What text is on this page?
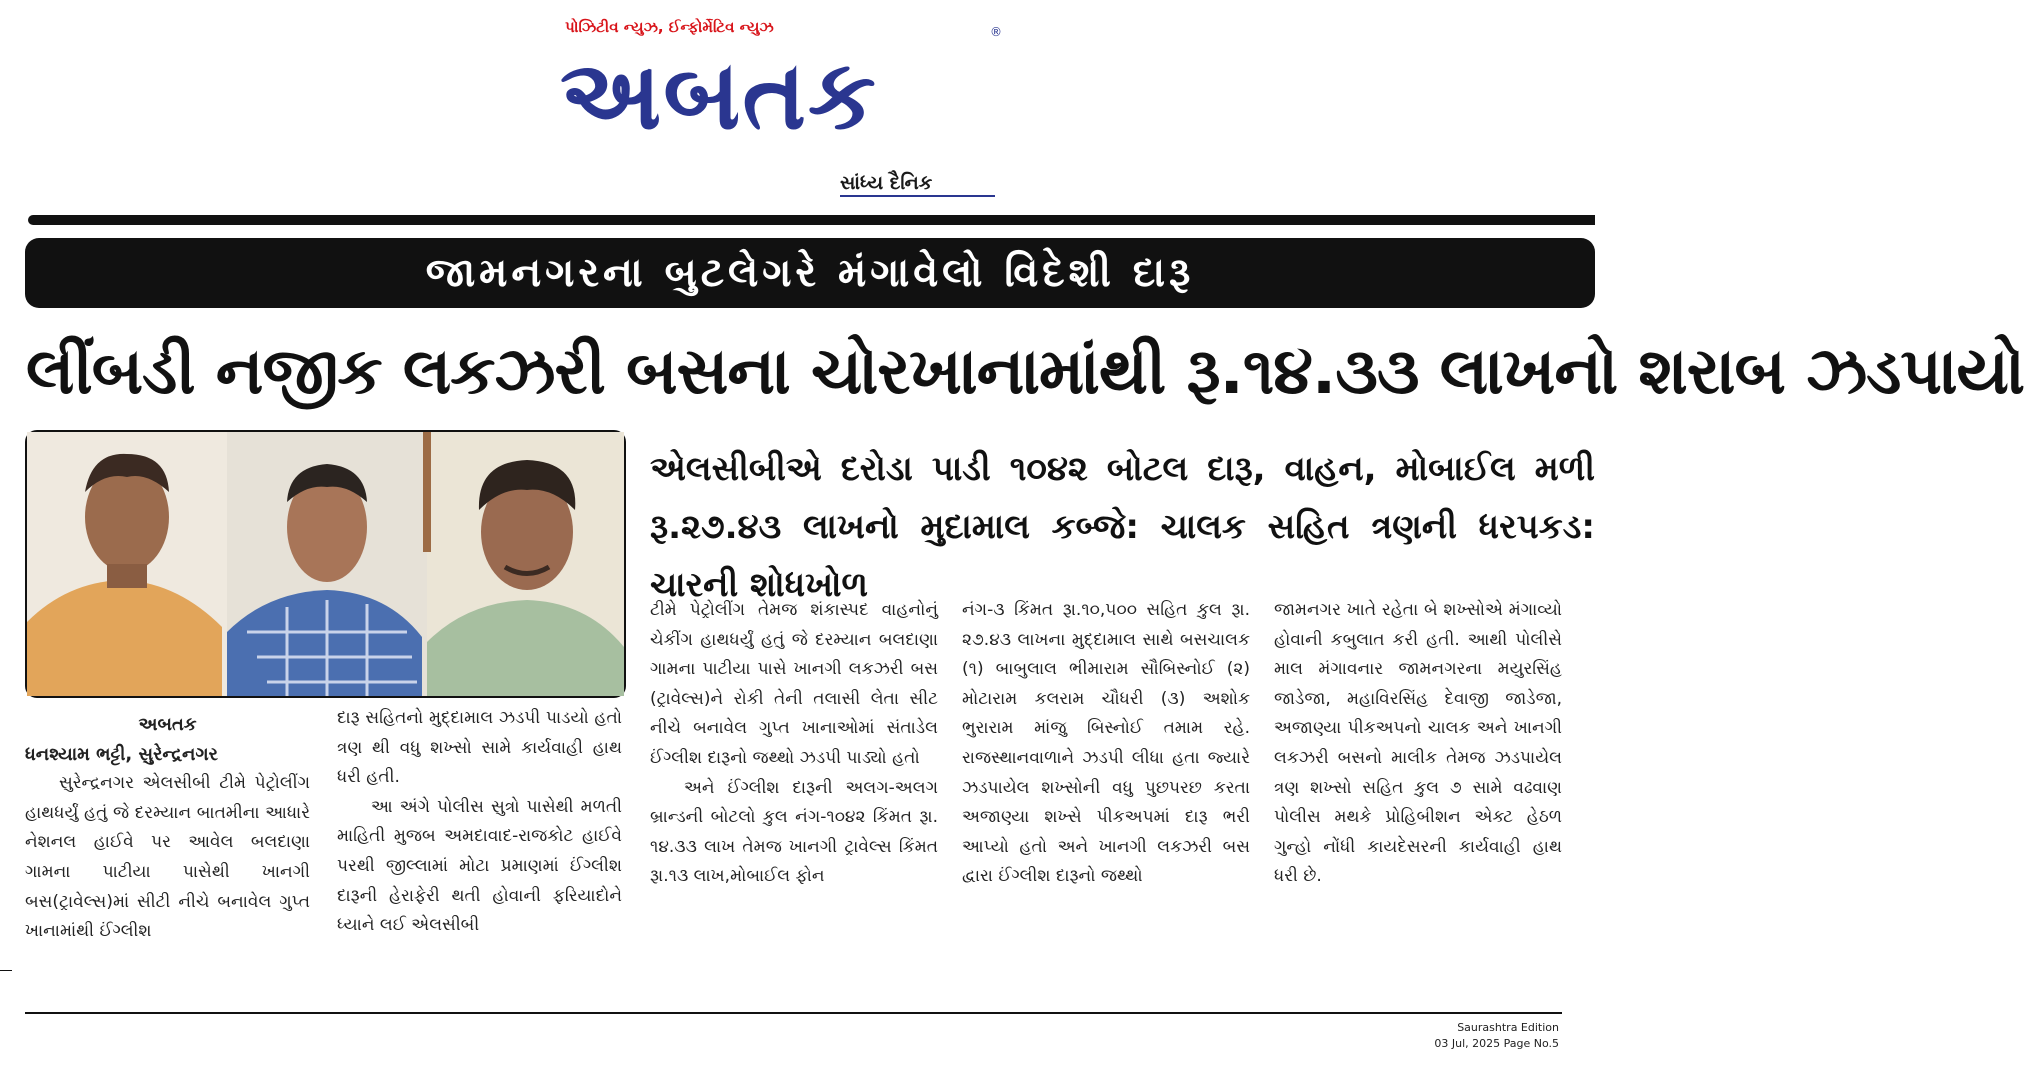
પોઝિટીવ ન્યુઝ, ઈન્ફોર્મેટિવ ન્યુઝ
અબતક
®
સાંધ્ય દૈનિક
જામનગરના બુટલેગરે મંગાવેલો વિદેશી દારૂ
લીંબડી નજીક લકઝરી બસના ચોરખાનામાંથી રૂ.૧૪.૩૩ લાખનો શરાબ ઝડપાયો
એલસીબીએ દરોડા પાડી ૧૦૪૨ બોટલ દારૂ, વાહન, મોબાઈલ મળી રૂ.૨૭.૪૩ લાખનો મુદામાલ કબ્જે: ચાલક સહિત ત્રણની ધરપકડ: ચારની શોધખોળ

અબતક

ધનશ્યામ ભટ્ટી, સુરેન્દ્રનગર

સુરેન્દ્રનગર એલસીબી ટીમે પેટ્રોલીંગ હાથધર્યું હતું જે દરમ્યાન બાતમીના આધારે નેશનલ હાઈવે પર આવેલ બલદાણા ગામના પાટીયા પાસેથી ખાનગી બસ(ટ્રાવેલ્સ)માં સીટી નીચે બનાવેલ ગુપ્ત ખાનામાંથી ઈંગ્લીશ

દારૂ સહિતનો મુદ્દામાલ ઝડપી પાડયો હતો ત્રણ થી વધુ શખ્સો સામે કાર્યવાહી હાથ ધરી હતી.

આ અંગે પોલીસ સુત્રો પાસેથી મળતી માહિતી મુજબ અમદાવાદ-રાજકોટ હાઈવે પરથી જીલ્લામાં મોટા પ્રમાણમાં ઈંગ્લીશ દારૂની હેરાફેરી થતી હોવાની ફરિયાદોને ધ્યાને લઈ એલસીબી

ટીમે પેટ્રોલીંગ તેમજ શંકાસ્પદ વાહનોનું ચેકીંગ હાથધર્યું હતું જે દરમ્યાન બલદાણા ગામના પાટીયા પાસે ખાનગી લકઝરી બસ (ટ્રાવેલ્સ)ને રોકી તેની તલાસી લેતા સીટ નીચે બનાવેલ ગુપ્ત ખાનાઓમાં સંતાડેલ ઈંગ્લીશ દારૂનો જથ્થો ઝડપી પાડ્યો હતો

અને ઈંગ્લીશ દારૂની અલગ-અલગ બ્રાન્ડની બોટલો કુલ નંગ-૧૦૪૨ કિંમત રૂા. ૧૪.૩૩ લાખ તેમજ ખાનગી ટ્રાવેલ્સ કિંમત રૂા.૧૩ લાખ,મોબાઈલ ફોન

નંગ-૩ કિંમત રૂા.૧૦,૫૦૦ સહિત કુલ રૂા. ૨૭.૪૩ લાખના મુદ્દામાલ સાથે બસચાલક (૧) બાબુલાલ ભીમારામ સૌબિસ્નોઈ (૨) મોટારામ કલરામ ચૌધરી (૩) અશોક ભુરારામ માંજુ બિસ્નોઈ તમામ રહે. રાજસ્થાનવાળાને ઝડપી લીધા હતા જ્યારે ઝડપાયેલ શખ્સોની વધુ પુછપરછ કરતા અજાણ્યા શખ્સે પીકઅપમાં દારૂ ભરી આપ્યો હતો અને ખાનગી લકઝરી બસ દ્વારા ઈંગ્લીશ દારૂનો જથ્થો

જામનગર ખાતે રહેતા બે શખ્સોએ મંગાવ્યો હોવાની કબુલાત કરી હતી. આથી પોલીસે માલ મંગાવનાર જામનગરના મયુરસિંહ જાડેજા, મહાવિરસિંહ દેવાજી જાડેજા, અજાણ્યા પીકઅપનો ચાલક અને ખાનગી લકઝરી બસનો માલીક તેમજ ઝડપાયેલ ત્રણ શખ્સો સહિત કુલ ૭ સામે વઢવાણ પોલીસ મથકે પ્રોહિબીશન એક્ટ હેઠળ ગુન્હો નોંધી કાયદેસરની કાર્યવાહી હાથ ધરી છે.

Saurashtra Edition
03 Jul, 2025 Page No.5
